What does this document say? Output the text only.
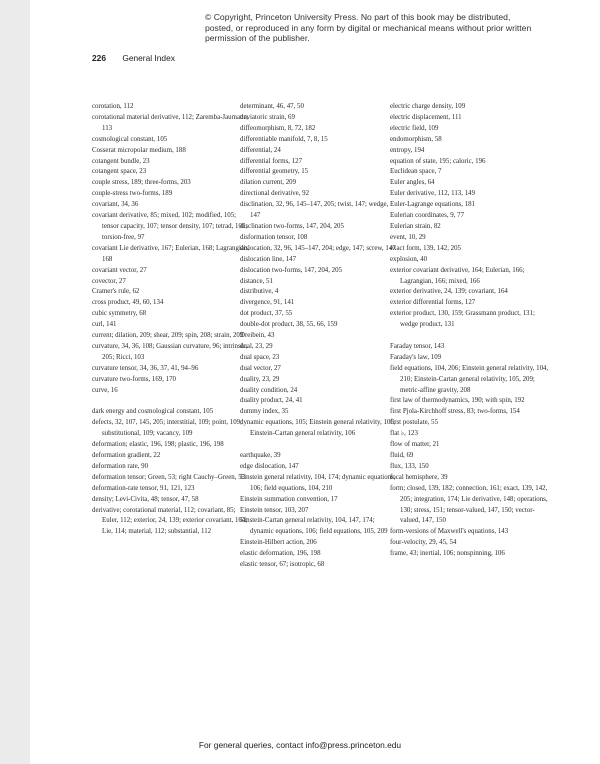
© Copyright, Princeton University Press. No part of this book may be distributed, posted, or reproduced in any form by digital or mechanical means without prior written permission of the publisher.
226 General Index
corotation, 112
corotational material derivative, 112; Zaremba-Jaumann, 113
cosmological constant, 105
Cosserat micropolar medium, 188
cotangent bundle, 23
cotangent space, 23
couple stress, 189; three-forms, 203
couple-stress two-forms, 189
covariant, 34, 36
covariant derivative, 85; mixed, 102; modified, 105; tensor capacity, 107; tensor density, 107; tetrad, 101; torsion-free, 97
covariant Lie derivative, 167; Eulerian, 168; Lagrangian, 168
covariant vector, 27
covector, 27
Cramer's rule, 62
cross product, 49, 60, 134
cubic symmetry, 68
curl, 141
current; dilation, 209; shear, 209; spin, 208; strain, 209
curvature, 34, 36, 108; Gaussian curvature, 96; intrinsic, 205; Ricci, 103
curvature tensor, 34, 36, 37, 41, 94–96
curvature two-forms, 169, 170
curve, 16
dark energy and cosmological constant, 105
defects, 32, 107, 145, 205; interstitial, 109; point, 109; substitutional, 109; vacancy, 109
deformation; elastic, 196, 198; plastic, 196, 198
deformation gradient, 22
deformation rate, 90
deformation tensor; Green, 53; right Cauchy–Green, 53
deformation-rate tensor, 91, 121, 123
density; Levi-Civita, 48; tensor, 47, 58
derivative; corotational material, 112; covariant, 85; Euler, 112; exterior, 24, 139; exterior covariant, 164; Lie, 114; material, 112; substantial, 112
determinant, 46, 47, 50
deviatoric strain, 69
diffeomorphism, 8, 72, 182
differentiable manifold, 7, 8, 15
differential, 24
differential forms, 127
differential geometry, 15
dilation current, 209
directional derivative, 92
disclination, 32, 96, 145–147, 205; twist, 147; wedge, 147
disclination two-forms, 147, 204, 205
disformation tensor, 108
dislocation, 32, 96, 145–147, 204; edge, 147; screw, 147
dislocation line, 147
dislocation two-forms, 147, 204, 205
distance, 51
distributive, 4
divergence, 91, 141
dot product, 37, 55
double-dot product, 38, 55, 66, 159
Dreibein, 43
dual, 23, 29
dual space, 23
dual vector, 27
duality, 23, 29
duality condition, 24
duality product, 24, 41
dummy index, 35
dynamic equations, 105; Einstein general relativity, 106; Einstein-Cartan general relativity, 106
earthquake, 39
edge dislocation, 147
Einstein general relativity, 104, 174; dynamic equations, 106; field equations, 104, 210
Einstein summation convention, 17
Einstein tensor, 103, 207
Einstein-Cartan general relativity, 104, 147, 174; dynamic equations, 106; field equations, 105, 209
Einstein-Hilbert action, 206
elastic deformation, 196, 198
elastic tensor, 67; isotropic, 68
electric charge density, 109
electric displacement, 111
electric field, 109
endomorphism, 58
entropy, 194
equation of state, 195; caloric, 196
Euclidean space, 7
Euler angles, 64
Euler derivative, 112, 113, 149
Euler-Lagrange equations, 181
Eulerian coordinates, 9, 77
Eulerian strain, 82
event, 10, 29
exact form, 139, 142, 205
explosion, 40
exterior covariant derivative, 164; Eulerian, 166; Lagrangian, 166; mixed, 166
exterior derivative, 24, 139; covariant, 164
exterior differential forms, 127
exterior product, 130, 159; Grassmann product, 131; wedge product, 131
Faraday tensor, 143
Faraday's law, 109
field equations, 104, 206; Einstein general relativity, 104, 210; Einstein-Cartan general relativity, 105, 209; metric-affine gravity, 208
first law of thermodynamics, 190; with spin, 192
first Pjola-Kirchhoff stress, 83; two-forms, 154
first postulate, 55
flat ♭, 123
flow of matter, 21
fluid, 69
flux, 133, 150
focal hemisphere, 39
form; closed, 139, 182; connection, 161; exact, 139, 142, 205; integration, 174; Lie derivative, 148; operations, 130; stress, 151; tensor-valued, 147, 150; vector-valued, 147, 150
form-versions of Maxwell's equations, 143
four-velocity, 29, 45, 54
frame, 43; inertial, 106; nonspinning, 106
For general queries, contact info@press.princeton.edu
